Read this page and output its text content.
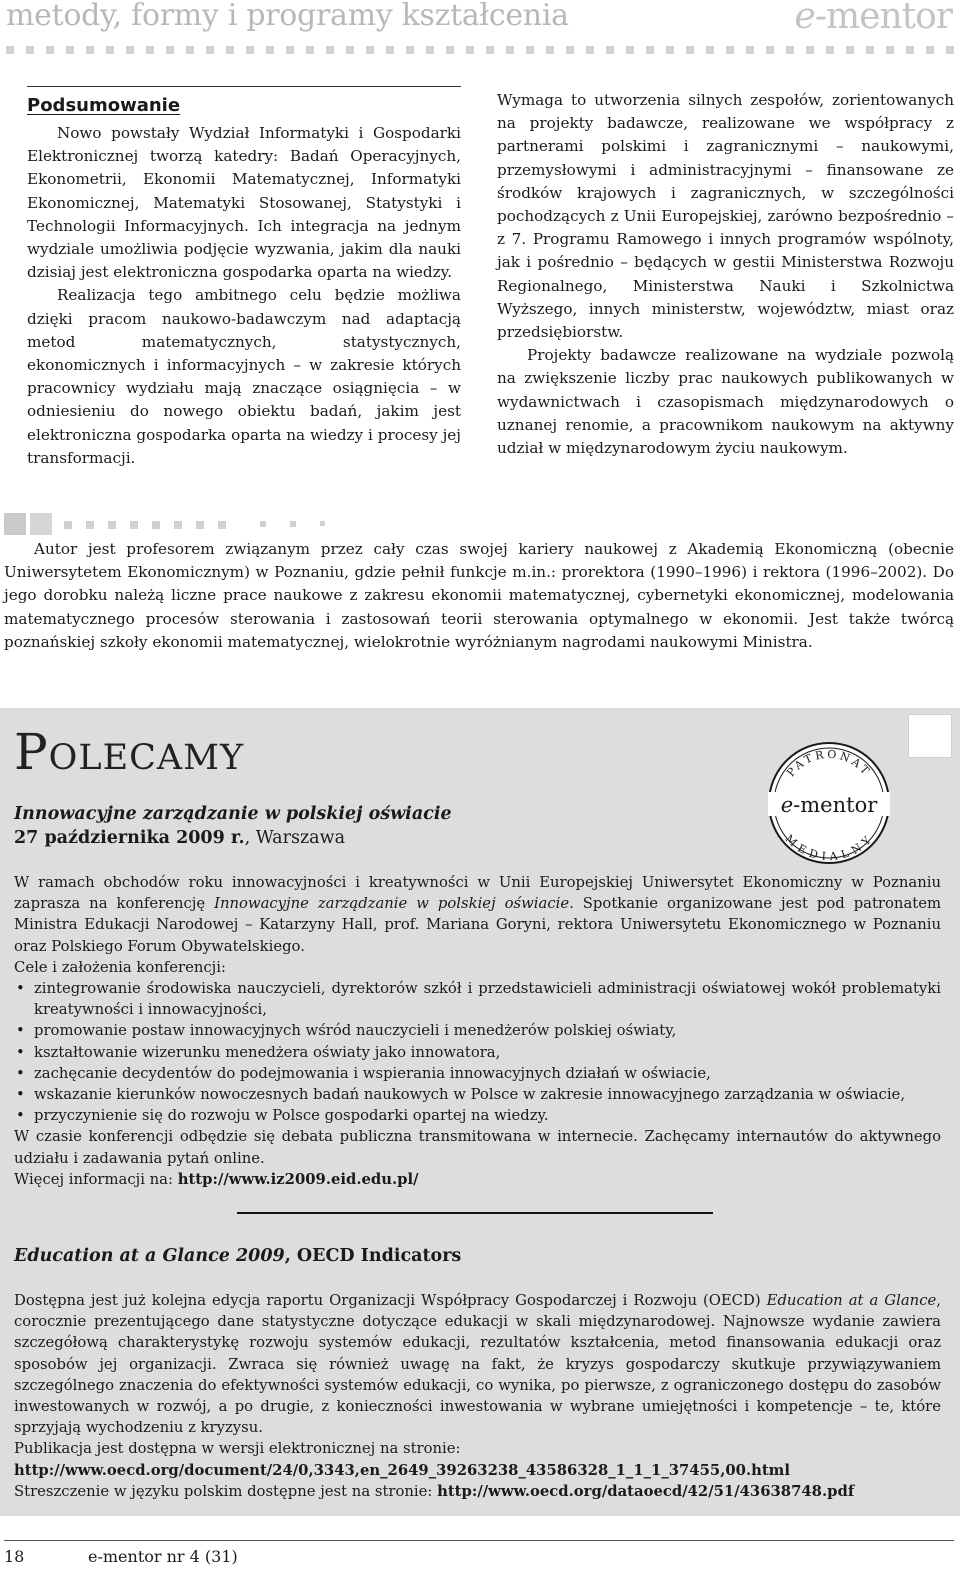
metody, formy i programy kształcenia	e-mentor

Podsumowanie

Nowo powstały Wydział Informatyki i Gospodarki Elektronicznej tworzą katedry: Badań Operacyjnych, Ekonometrii, Ekonomii Matematycznej, Informatyki Ekonomicznej, Matematyki Stosowanej, Statystyki i Technologii Informacyjnych. Ich integracja na jednym wydziale umożliwia podjęcie wyzwania, jakim dla nauki dzisiaj jest elektroniczna gospodarka oparta na wiedzy.

Realizacja tego ambitnego celu będzie możliwa dzięki pracom naukowo-badawczym nad adaptacją metod matematycznych, statystycznych, ekonomicznych i informacyjnych – w zakresie których pracownicy wydziału mają znaczące osiągnięcia – w odniesieniu do nowego obiektu badań, jakim jest elektroniczna gospodarka oparta na wiedzy i procesy jej transformacji.

Wymaga to utworzenia silnych zespołów, zorientowanych na projekty badawcze, realizowane we współpracy z partnerami polskimi i zagranicznymi – naukowymi, przemysłowymi i administracyjnymi – finansowane ze środków krajowych i zagranicznych, w szczególności pochodzących z Unii Europejskiej, zarówno bezpośrednio – z 7. Programu Ramowego i innych programów wspólnoty, jak i pośrednio – będących w gestii Ministerstwa Rozwoju Regionalnego, Ministerstwa Nauki i Szkolnictwa Wyższego, innych ministerstw, województw, miast oraz przedsiębiorstw.

Projekty badawcze realizowane na wydziale pozwolą na zwiększenie liczby prac naukowych publikowanych w wydawnictwach i czasopismach międzynarodowych o uznanej renomie, a pracownikom naukowym na aktywny udział w międzynarodowym życiu naukowym.

Autor jest profesorem związanym przez cały czas swojej kariery naukowej z Akademią Ekonomiczną (obecnie Uniwersytetem Ekonomicznym) w Poznaniu, gdzie pełnił funkcje m.in.: prorektora (1990–1996) i rektora (1996–2002). Do jego dorobku należą liczne prace naukowe z zakresu ekonomii matematycznej, cybernetyki ekonomicznej, modelowania matematycznego procesów sterowania i zastosowań teorii sterowania optymalnego w ekonomii. Jest także twórcą poznańskiej szkoły ekonomii matematycznej, wielokrotnie wyróżnianym nagrodami naukowymi Ministra.

Polecamy	PATRONAT
MEDIALNY
e-mentor
Innowacyjne zarządzanie w polskiej oświacie
27 października 2009 r., Warszawa

W ramach obchodów roku innowacyjności i kreatywności w Unii Europejskiej Uniwersytet Ekonomiczny w Poznaniu zaprasza na konferencję Innowacyjne zarządzanie w polskiej oświacie. Spotkanie organizowane jest pod patronatem Ministra Edukacji Narodowej – Katarzyny Hall, prof. Mariana Goryni, rektora Uniwersytetu Ekonomicznego w Poznaniu oraz Polskiego Forum Obywatelskiego.

Cele i założenia konferencji:

• zintegrowanie środowiska nauczycieli, dyrektorów szkół i przedstawicieli administracji oświatowej wokół problematyki kreatywności i innowacyjności,
• promowanie postaw innowacyjnych wśród nauczycieli i menedżerów polskiej oświaty,
• kształtowanie wizerunku menedżera oświaty jako innowatora,
• zachęcanie decydentów do podejmowania i wspierania innowacyjnych działań w oświacie,
• wskazanie kierunków nowoczesnych badań naukowych w Polsce w zakresie innowacyjnego zarządzania w oświacie,
• przyczynienie się do rozwoju w Polsce gospodarki opartej na wiedzy.

W czasie konferencji odbędzie się debata publiczna transmitowana w internecie. Zachęcamy internautów do aktywnego udziału i zadawania pytań online.

Więcej informacji na: http://www.iz2009.eid.edu.pl/

Education at a Glance 2009, OECD Indicators

Dostępna jest już kolejna edycja raportu Organizacji Współpracy Gospodarczej i Rozwoju (OECD) Education at a Glance, corocznie prezentującego dane statystyczne dotyczące edukacji w skali międzynarodowej. Najnowsze wydanie zawiera szczegółową charakterystykę rozwoju systemów edukacji, rezultatów kształcenia, metod finansowania edukacji oraz sposobów jej organizacji. Zwraca się również uwagę na fakt, że kryzys gospodarczy skutkuje przywiązywaniem szczególnego znaczenia do efektywności systemów edukacji, co wynika, po pierwsze, z ograniczonego dostępu do zasobów inwestowanych w rozwój, a po drugie, z konieczności inwestowania w wybrane umiejętności i kompetencje – te, które sprzyjają wychodzeniu z kryzysu.

Publikacja jest dostępna w wersji elektronicznej na stronie:

http://www.oecd.org/document/24/0,3343,en_2649_39263238_43586328_1_1_1_37455,00.html

Streszczenie w języku polskim dostępne jest na stronie: http://www.oecd.org/dataoecd/42/51/43638748.pdf

18	e-mentor nr 4 (31)
